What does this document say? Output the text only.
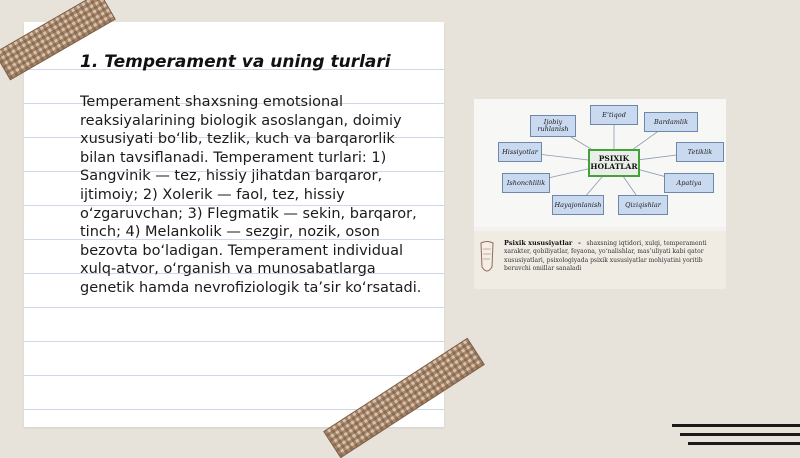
1. Temperament va uning turlari

Temperament shaxsning emotsional reaksiyalarining biologik asoslangan, doimiy xususiyati bo‘lib, tezlik, kuch va barqarorlik bilan tavsiflanadi. Temperament turlari: 1) Sangvinik — tez, hissiy jihatdan barqaror, ijtimoiy; 2) Xolerik — faol, tez, hissiy o‘zgaruvchan; 3) Flegmatik — sekin, barqaror, tinch; 4) Melankolik — sezgir, nozik, oson bezovta bo‘ladigan. Temperament individual xulq-atvor, o‘rganish va munosabatlarga genetik hamda nevrofiziologik ta’sir ko‘rsatadi.

Ijobiy ruhlanish
E’tiqod
Bardamlik
Hissiyotlar	Tetiklik
Ishonchlilik	Apatiya
Hayajonlanish	Qiziqishlar
PSIXIK HOLATLAR
Psixik xususiyatlar - shaxsning iqtidori, xulqi, temperamenti
xarakter, qobiliyatlar, feyaona, yo‘nalishlar, mas’uliyati kabi qator
xususiyatlari, psixologiyada psixik xususiyatlar mohiyatini yoritib
beruvchi omillar sanaladi
